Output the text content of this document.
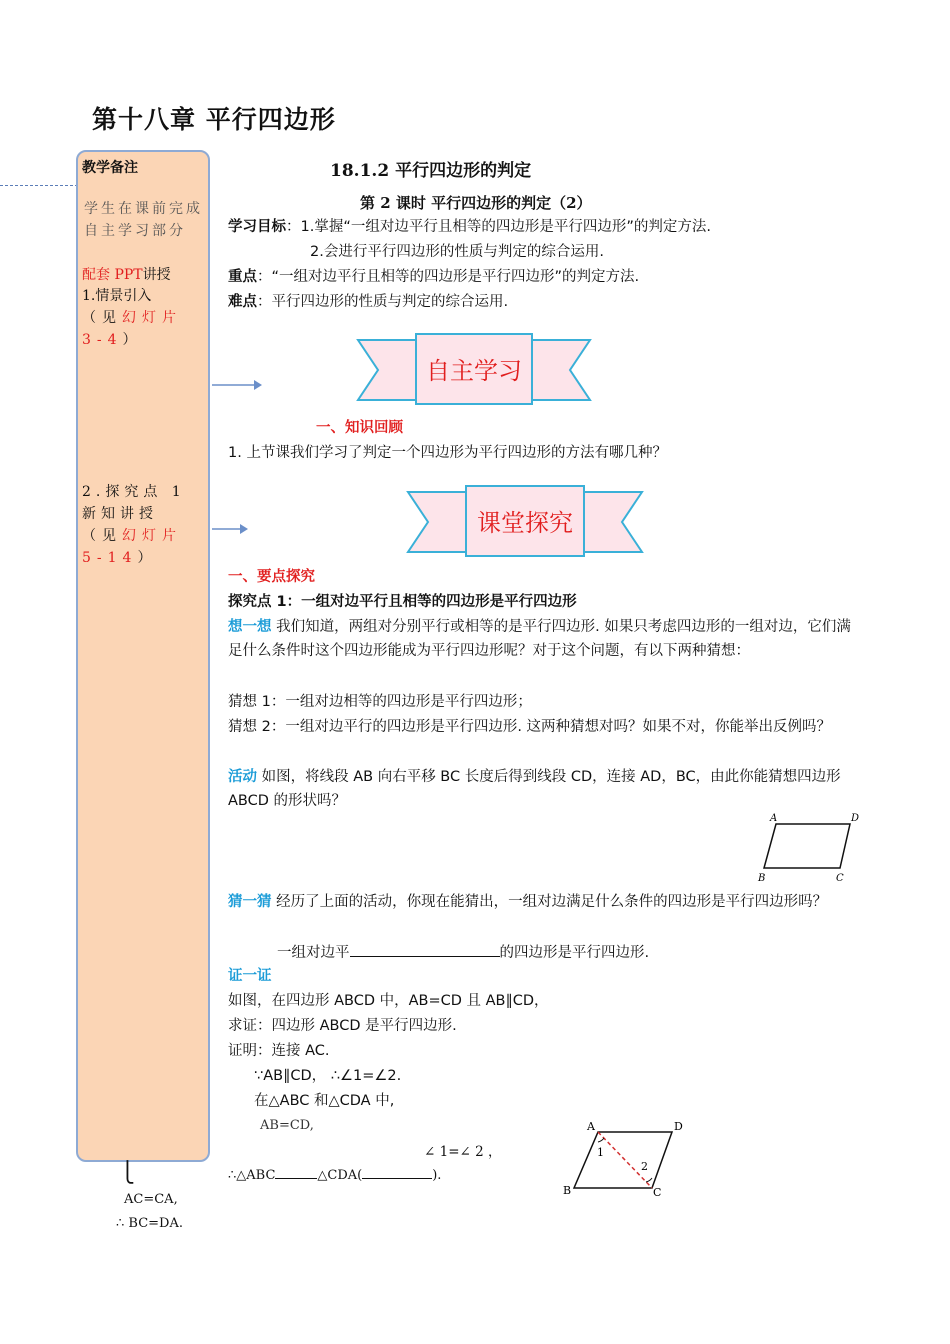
第十八章 平行四边形
教学备注
学生在课前完成自主学习部分
配套 PPT讲授
1.情景引入
（见幻灯片 3-4）
2.探究点 1 新知讲授
（见幻灯片 5-14）
18.1.2 平行四边形的判定
第 2 课时 平行四边形的判定（2）
学习目标：1.掌握“一组对边平行且相等的四边形是平行四边形”的判定方法.
2.会进行平行四边形的性质与判定的综合运用.
重点：“一组对边平行且相等的四边形是平行四边形”的判定方法.
难点：平行四边形的性质与判定的综合运用.
自主学习
一、知识回顾
1. 上节课我们学习了判定一个四边形为平行四边形的方法有哪几种？
课堂探究
一、要点探究
探究点 1：一组对边平行且相等的四边形是平行四边形
想一想 我们知道，两组对分别平行或相等的是平行四边形. 如果只考虑四边形的一组对边，它们满足什么条件时这个四边形能成为平行四边形呢？对于这个问题，有以下两种猜想：
猜想 1：一组对边相等的四边形是平行四边形；
猜想 2：一组对边平行的四边形是平行四边形. 这两种猜想对吗？如果不对，你能举出反例吗？
活动 如图，将线段 AB 向右平移 BC 长度后得到线段 CD，连接 AD，BC，由此你能猜想四边形 ABCD 的形状吗？
A	D
B	C
猜一猜 经历了上面的活动，你现在能猜出，一组对边满足什么条件的四边形是平行四边形吗？
一组对边平	的四边形是平行四边形.
证一证
如图，在四边形 ABCD 中，AB=CD 且 AB∥CD，
求证：四边形 ABCD 是平行四边形.
证明：连接 AC.
∵AB∥CD， ∴∠1=∠2.
在△ABC 和△CDA 中,
AB=CD,
∠ 1=∠ 2 ，
∴△ABC	△CDA(	).
⎩
AC=CA,
∴ BC=DA.
A	D
B	C
1
2
